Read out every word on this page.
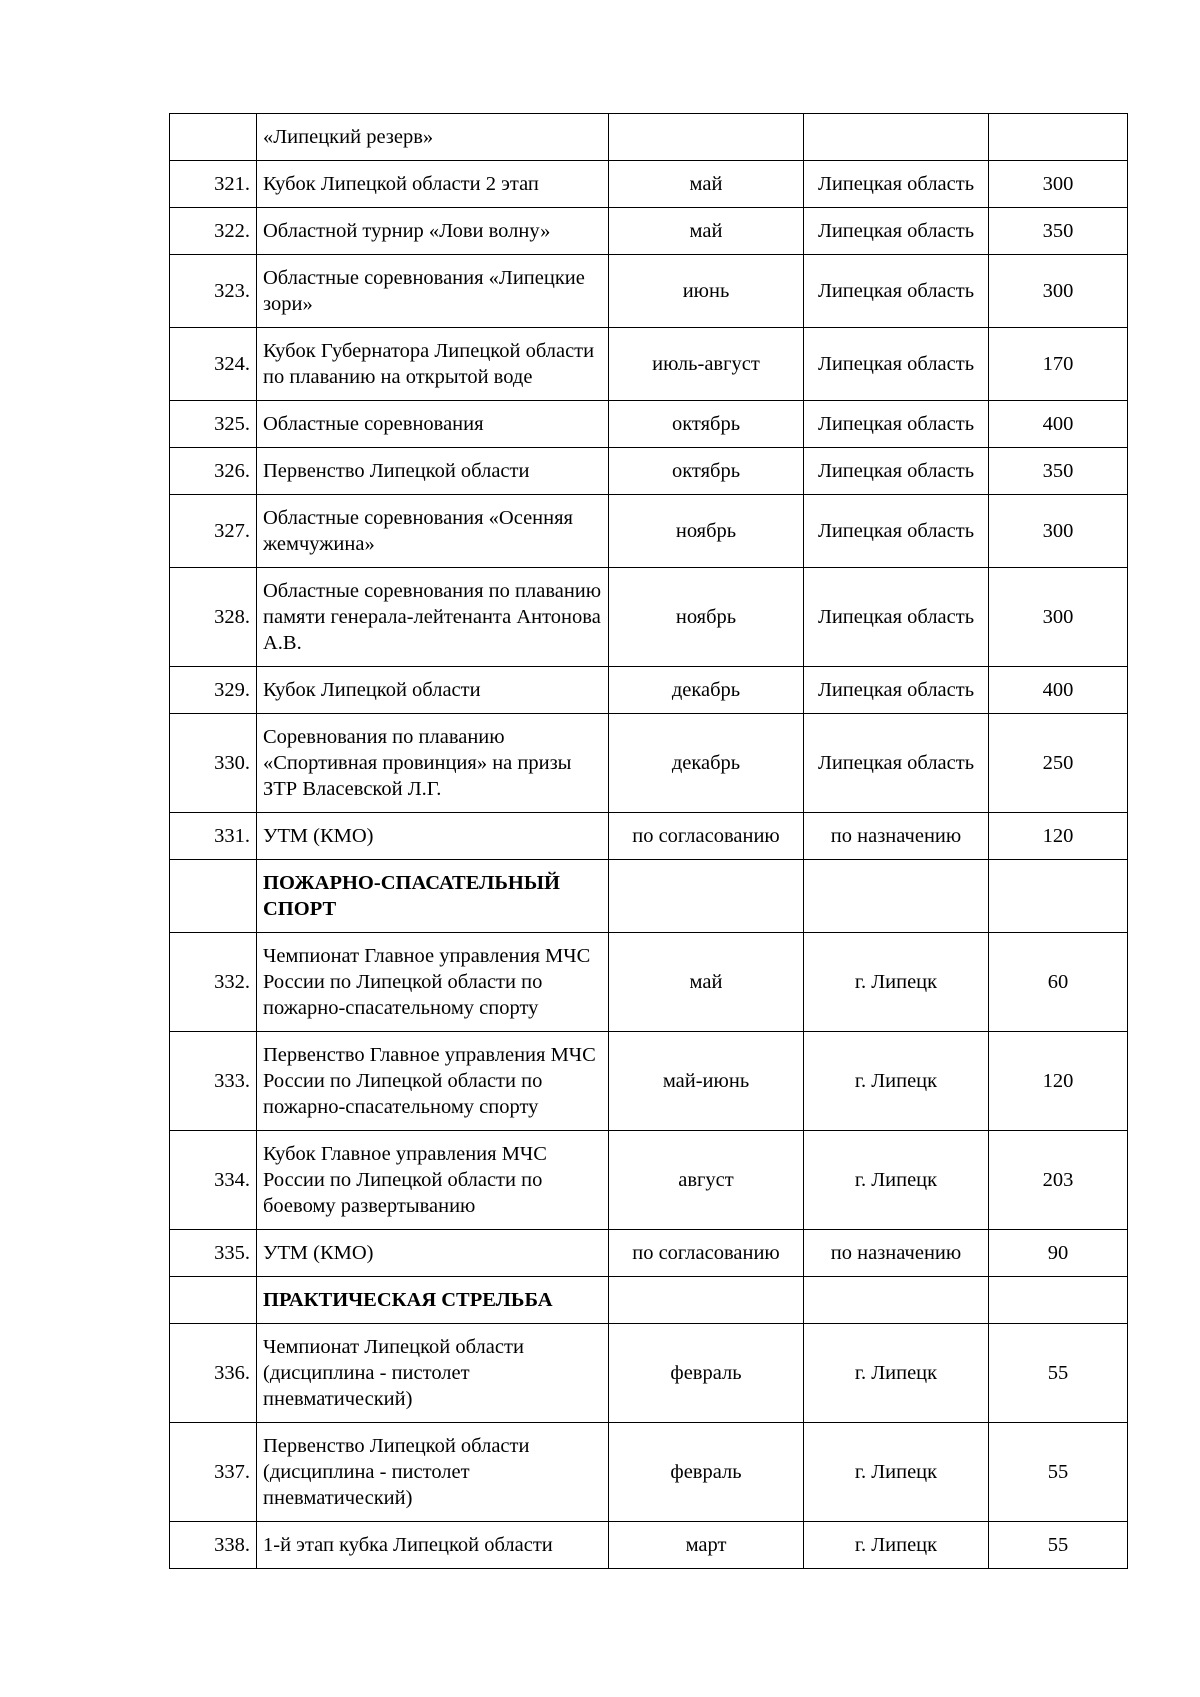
	«Липецкий резерв»			
321.	Кубок Липецкой области 2 этап	май	Липецкая область	300
322.	Областной турнир «Лови волну»	май	Липецкая область	350
323.	Областные соревнования «Липецкие зори»	июнь	Липецкая область	300
324.	Кубок Губернатора Липецкой области по плаванию на открытой воде	июль-август	Липецкая область	170
325.	Областные соревнования	октябрь	Липецкая область	400
326.	Первенство Липецкой области	октябрь	Липецкая область	350
327.	Областные соревнования «Осенняя жемчужина»	ноябрь	Липецкая область	300
328.	Областные соревнования по плаванию памяти генерала-лейтенанта Антонова А.В.	ноябрь	Липецкая область	300
329.	Кубок Липецкой области	декабрь	Липецкая область	400
330.	Соревнования по плаванию «Спортивная провинция» на призы ЗТР Власевской Л.Г.	декабрь	Липецкая область	250
331.	УТМ (КМО)	по согласованию	по назначению	120
	ПОЖАРНО-СПАСАТЕЛЬНЫЙ СПОРТ			
332.	Чемпионат Главное управления МЧС России по Липецкой области по пожарно-спасательному спорту	май	г. Липецк	60
333.	Первенство Главное управления МЧС России по Липецкой области по пожарно-спасательному спорту	май-июнь	г. Липецк	120
334.	Кубок Главное управления МЧС России по Липецкой области по боевому развертыванию	август	г. Липецк	203
335.	УТМ (КМО)	по согласованию	по назначению	90
	ПРАКТИЧЕСКАЯ СТРЕЛЬБА			
336.	Чемпионат Липецкой области (дисциплина - пистолет пневматический)	февраль	г. Липецк	55
337.	Первенство Липецкой области (дисциплина - пистолет пневматический)	февраль	г. Липецк	55
338.	1-й этап кубка Липецкой области	март	г. Липецк	55
